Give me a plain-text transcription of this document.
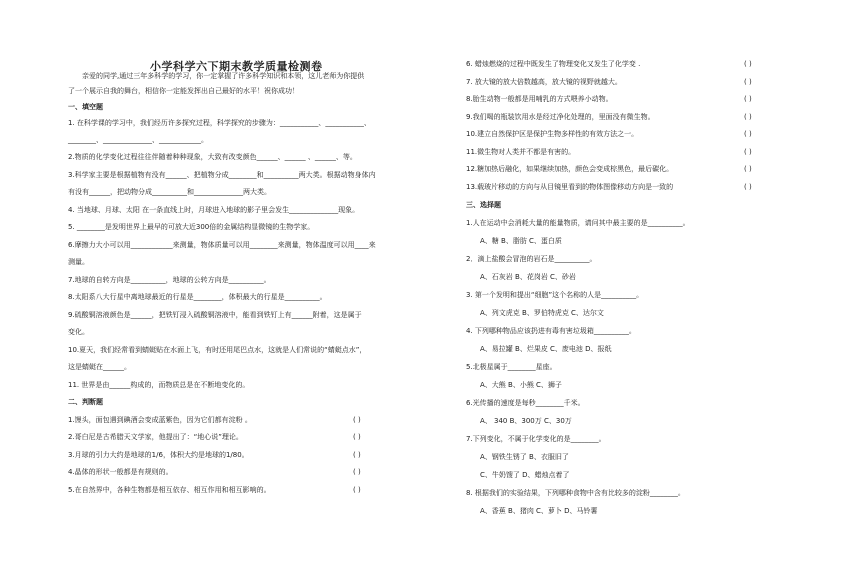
小学科学六下期末教学质量检测卷
亲爱的同学,通过三年多科学的学习，你一定掌握了许多科学知识和本领，这儿老师为你提供
了一个展示自我的舞台，相信你一定能发挥出自己最好的水平！祝你成功！
一、填空题
1. 在科学课的学习中，我们经历许多探究过程，科学探究的步骤为：___________、___________、
________、______________、____________。
2.物质的化学变化过程往往伴随着种种现象，大致有改变颜色______、______ 、______、等。
3.科学家主要是根据植物有没有______、把植物分成________和__________两大类。根据动物身体内
有没有______，把动物分成__________和______________两大类。
4. 当地球、月球、太阳 在一条直线上时，月球进入地球的影子里会发生______________现象。
5. ________是发明世界上最早的可放大近300倍的金属结构显微镜的生物学家。
6.摩擦力大小可以用____________来测量，物体质量可以用________来测量，物体温度可以用____来
测量。
7.地球的自转方向是__________，地球的公转方向是__________。
8.太阳系八大行星中离地球最近的行星是________，体积最大的行星是__________。
9.硫酸铜溶液颜色是______，把铁钉浸入硫酸铜溶液中，能看到铁钉上有______附着，这是属于
变化。
10.夏天，我们经常看到蜻蜓贴在水面上飞，有时还用尾巴点水，这就是人们常说的“蜻蜓点水”，
这是蜻蜓在______。
11. 世界是由______构成的，而物质总是在不断地变化的。
二、判断题
1.馒头，面包遇到碘酒会变成蓝紫色，因为它们都有淀粉 。
2.哥白尼是古希腊天文学家，他提出了：“地心说”理论。
3.月球的引力大约是地球的1/6，体积大约是地球的1/80。
4.晶体的形状一般都是有规则的。
5.在自然界中，各种生物都是相互依存、相互作用和相互影响的。
( )
( )
( )
( )
( )
6. 蜡烛燃烧的过程中既发生了物理变化又发生了化学变 .
7. 放大镜的放大倍数越高，放大镜的视野就越大。
8.胎生动物一般都是用哺乳的方式喂养小动物。
9.我们喝的瓶装饮用水是经过净化处理的，里面没有微生物。
10.建立自然保护区是保护生物多样性的有效方法之一。
11.微生物对人类并不都是有害的。
12.糖加热后融化，如果继续加热，颜色会变成棕黑色，最后碳化。
13.载玻片移动的方向与从目镜里看到的物体图像移动方向是一致的
( )
( )
( )
( )
( )
( )
( )
( )
三、选择题
1.人在运动中会消耗大量的能量物质，请问其中最主要的是__________。
A、糖 B、脂肪 C、蛋白质
2．滴上盐酸会冒泡的岩石是__________。
A、石灰岩 B、花岗岩 C、砂岩
3. 第一个发明和提出“细胞”这个名称的人是__________。
A、列文虎克 B、罗伯特虎克 C、达尔文
4. 下列哪种物品应该扔进有毒有害垃圾箱__________。
A、易拉罐 B、烂果皮 C、废电池 D、报纸
5.北极星属于________星座。
A、大熊 B、小熊 C、狮子
6.光传播的速度是每秒________千米。
A、 340 B、300万 C、30万
7.下列变化，不属于化学变化的是________。
A、钢铁生锈了 B、衣服旧了
C、牛奶馊了 D、蜡烛点着了
8. 根据我们的实验结果，下列哪种食物中含有比较多的淀粉________。
A、香蕉 B、猪肉 C、萝卜 D、马铃薯
